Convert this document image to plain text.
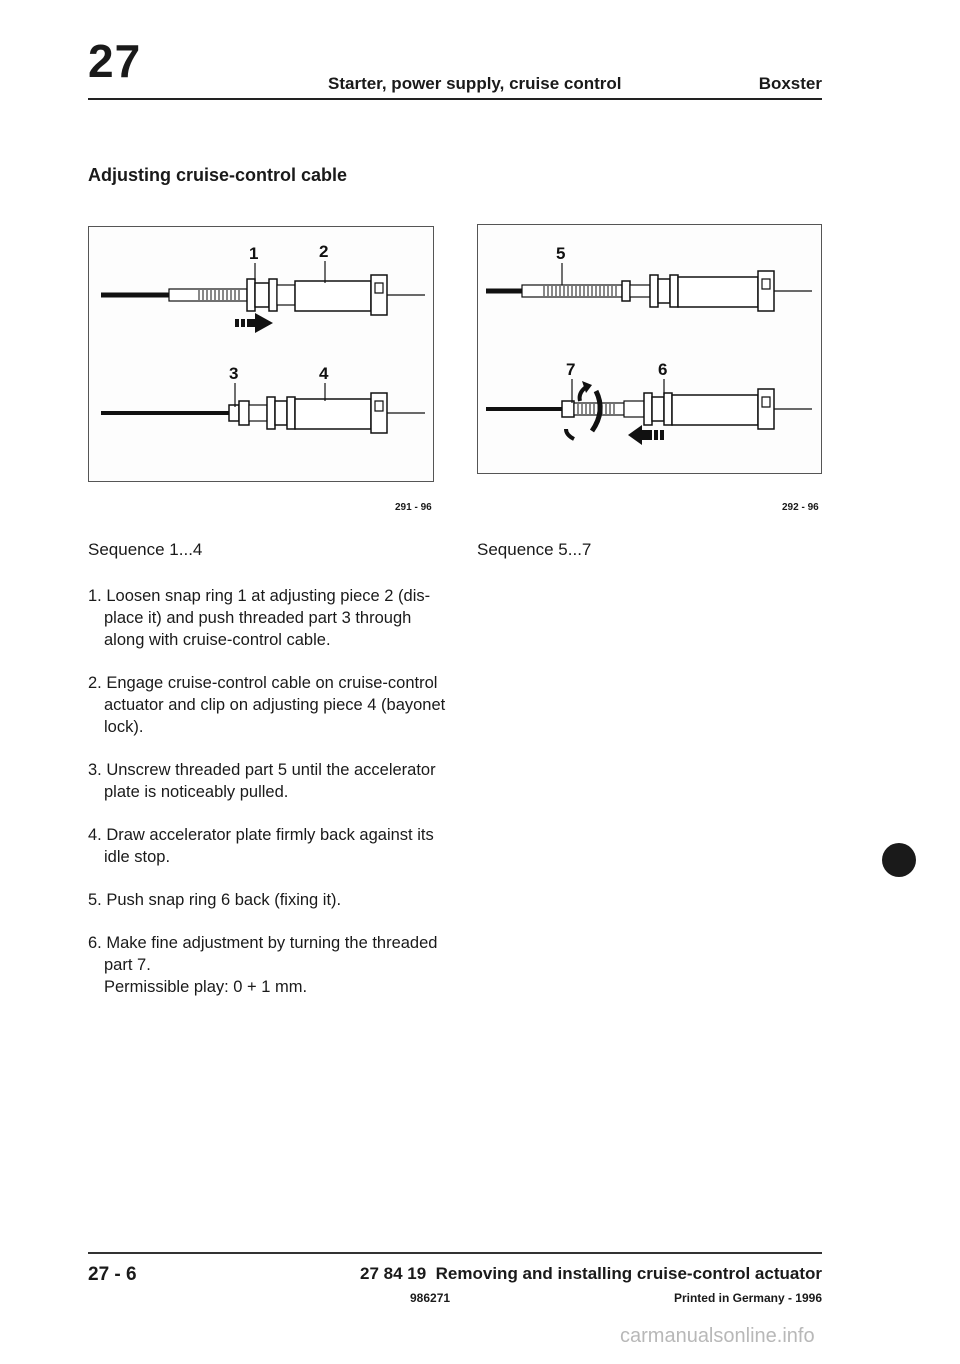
27	Starter, power supply, cruise control	Boxster
Adjusting cruise-control cable
1	2
3	4
291 - 96
5
7	6
292 - 96
Sequence 1...4	Sequence 5...7
1. Loosen snap ring 1 at adjusting piece 2 (displace it) and push threaded part 3 through along with cruise-control cable.
2. Engage cruise-control cable on cruise-control actuator and clip on adjusting piece 4 (bayonet lock).
3. Unscrew threaded part 5 until the accelerator plate is noticeably pulled.
4. Draw accelerator plate firmly back against its idle stop.
5. Push snap ring 6 back (fixing it).
6. Make fine adjustment by turning the threaded part 7.
Permissible play: 0 + 1 mm.
27 - 6	27 84 19  Removing and installing cruise-control actuator
986271	Printed in Germany - 1996
carmanualsonline.info
